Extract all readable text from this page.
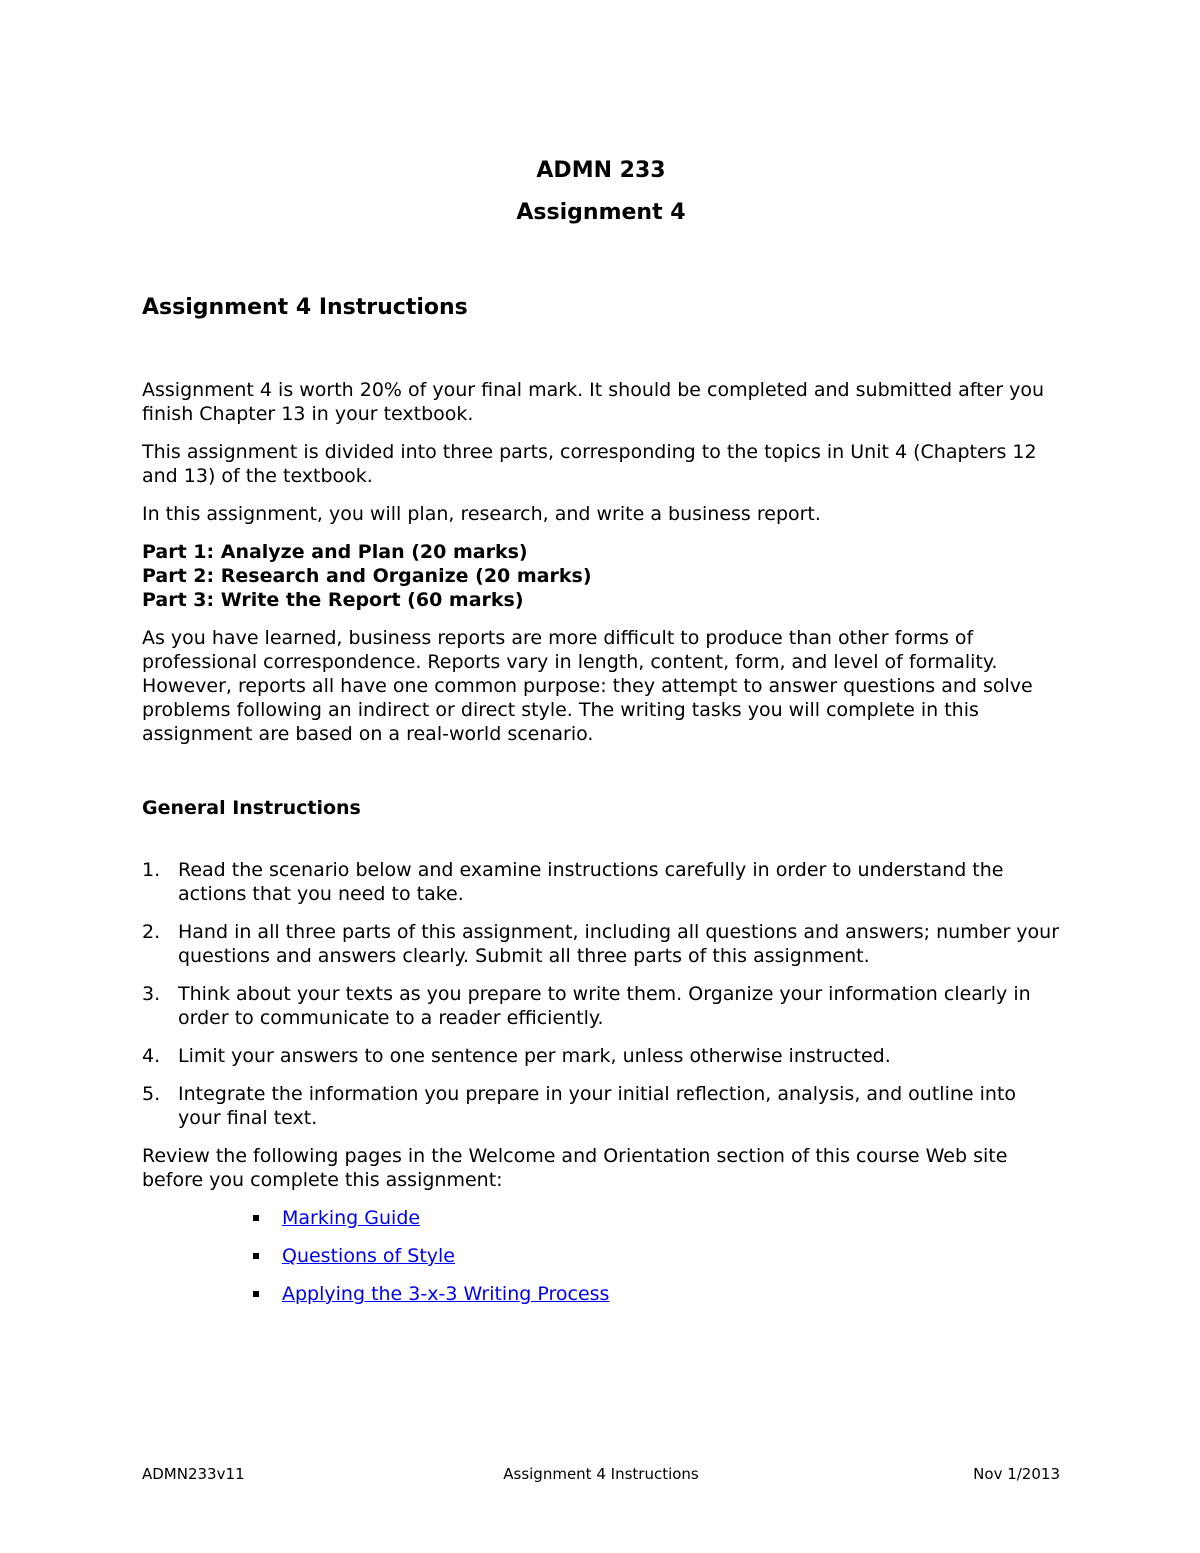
ADMN 233
Assignment 4
Assignment 4 Instructions

Assignment 4 is worth 20% of your final mark. It should be completed and submitted after you finish Chapter 13 in your textbook.

This assignment is divided into three parts, corresponding to the topics in Unit 4 (Chapters 12 and 13) of the textbook.

In this assignment, you will plan, research, and write a business report.

Part 1: Analyze and Plan (20 marks)
Part 2: Research and Organize (20 marks)
Part 3: Write the Report (60 marks)

As you have learned, business reports are more difficult to produce than other forms of professional correspondence. Reports vary in length, content, form, and level of formality. However, reports all have one common purpose: they attempt to answer questions and solve problems following an indirect or direct style. The writing tasks you will complete in this assignment are based on a real-world scenario.

General Instructions
1. Read the scenario below and examine instructions carefully in order to understand the actions that you need to take.
2. Hand in all three parts of this assignment, including all questions and answers; number your questions and answers clearly. Submit all three parts of this assignment.
3. Think about your texts as you prepare to write them. Organize your information clearly in order to communicate to a reader efficiently.
4. Limit your answers to one sentence per mark, unless otherwise instructed.
5. Integrate the information you prepare in your initial reflection, analysis, and outline into your final text.

Review the following pages in the Welcome and Orientation section of this course Web site before you complete this assignment:

Marking Guide
Questions of Style
Applying the 3-x-3 Writing Process
ADMN233v11	Assignment 4 Instructions	Nov 1/2013
